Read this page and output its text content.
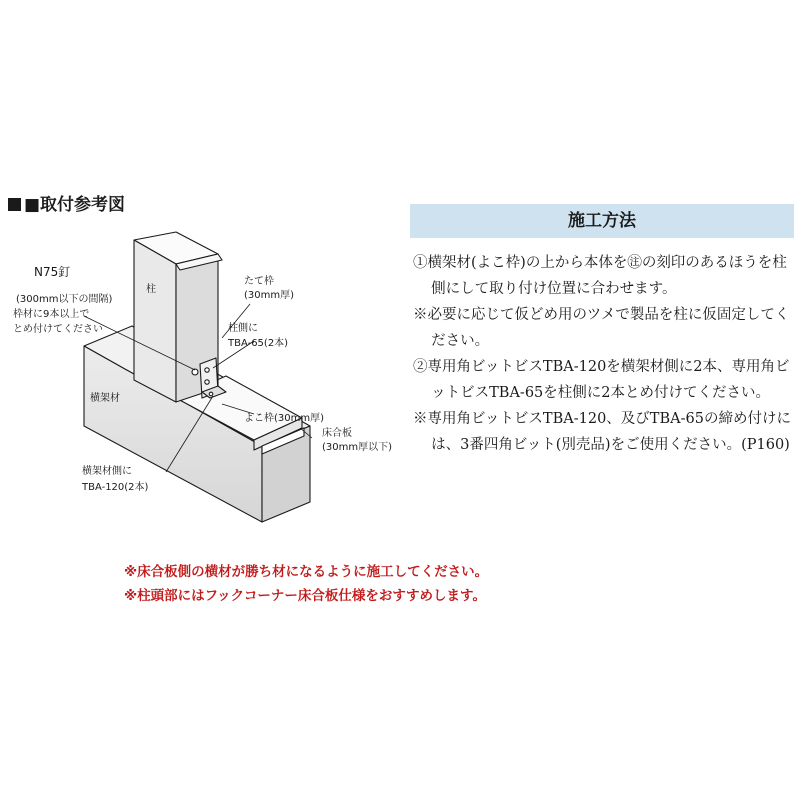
■取付参考図
N75釘
(300mm以下の間隔)
枠材に9本以上で
とめ付けてください
柱
たて枠
(30mm厚)
柱側に
TBA-65(2本)
横架材
よこ枠(30mm厚)
床合板
(30mm厚以下)
横架材側に
TBA-120(2本)
施工方法

①横架材(よこ枠)の上から本体を㊟の刻印のあるほうを柱側にして取り付け位置に合わせます。

※必要に応じて仮どめ用のツメで製品を柱に仮固定してください。

②専用角ビットビスTBA-120を横架材側に2本、専用角ビットビスTBA-65を柱側に2本とめ付けてください。

※専用角ビットビスTBA-120、及びTBA-65の締め付けには、3番四角ビット(別売品)をご使用ください。(P160)

※床合板側の横材が勝ち材になるように施工してください。
※柱頭部にはフックコーナー床合板仕様をおすすめします。
